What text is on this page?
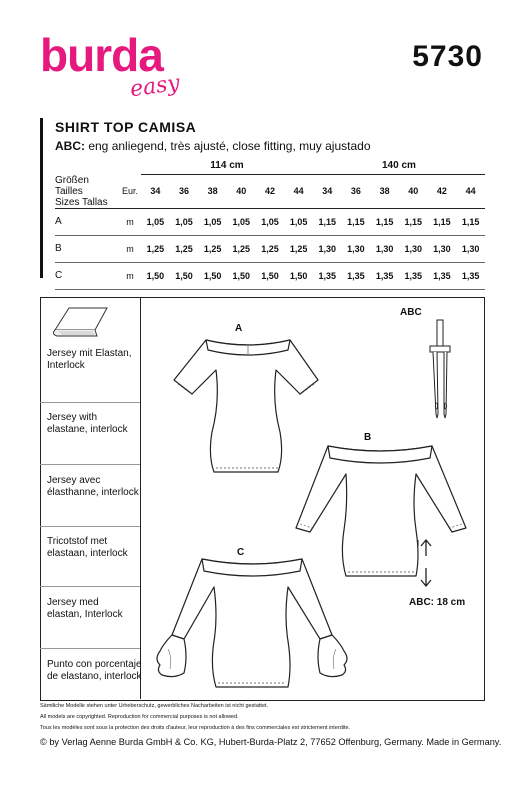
burda
easy
5730
SHIRT TOP CAMISA
ABC: eng anliegend, très ajusté, close fitting, muy ajustado
		114 cm						140 cm					
Größen Tailles
Sizes Tallas	Eur.	34	36	38	40	42	44	34	36	38	40	42	44
A	m	1,05	1,05	1,05	1,05	1,05	1,05	1,15	1,15	1,15	1,15	1,15	1,15
B	m	1,25	1,25	1,25	1,25	1,25	1,25	1,30	1,30	1,30	1,30	1,30	1,30
C	m	1,50	1,50	1,50	1,50	1,50	1,50	1,35	1,35	1,35	1,35	1,35	1,35
Jersey mit Elastan, Interlock
Jersey with elastane, interlock
Jersey avec élasthanne, interlock
Tricotstof met elastaan, interlock
Jersey med elastan, Interlock
Punto con porcentaje de elastano, interlock
A
B
C
ABC
ABC: 18 cm
Sämtliche Modelle stehen unter Urheberschutz, gewerbliches Nacharbeiten ist nicht gestattet.
All models are copyrighted. Reproduction for commercial purposes is not allowed.
Tous les modèles sont sous la protection des droits d'auteur, leur reproduction à des fins commerciales est strictement interdite.
© by Verlag Aenne Burda GmbH & Co. KG, Hubert-Burda-Platz 2, 77652 Offenburg, Germany. Made in Germany.
